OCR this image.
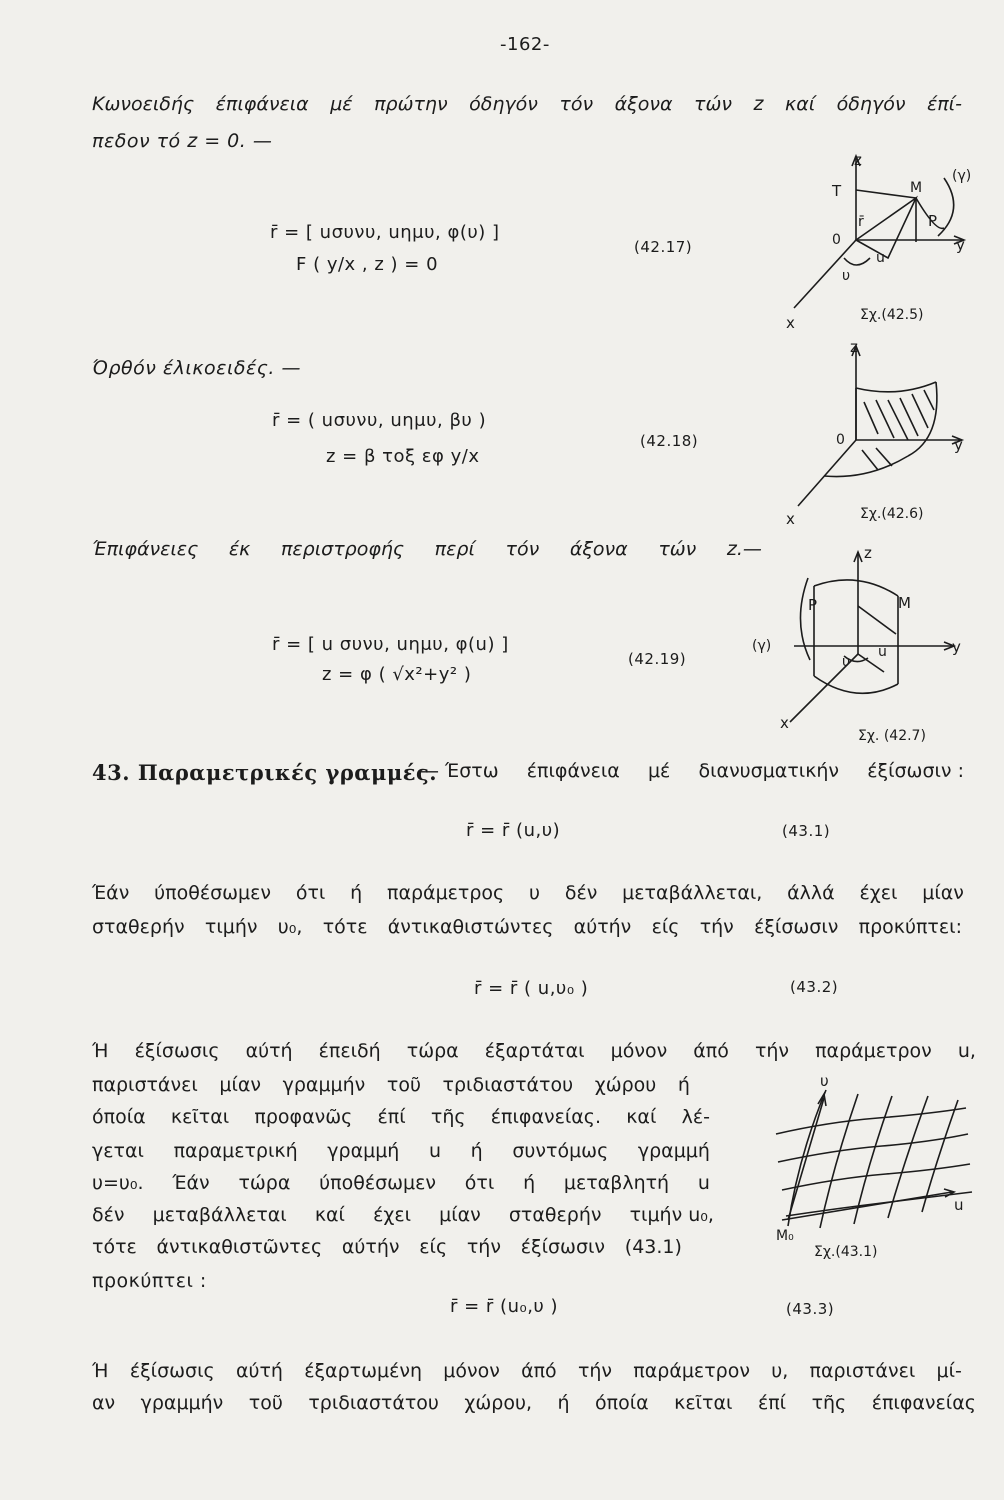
-162-
Κωνοειδής έπιφάνεια μέ πρώτην όδηγόν τόν άξονα τών z καί όδηγόν έπί-
πεδον τό z = 0. —
r̄ = [ uσυνυ, uημυ, φ(υ) ]
F ( y/x , z ) = 0
(42.17)
z
(γ)
T	M
r̄	P
0	y
υ
u
x	Σχ.(42.5)
Όρθόν έλικοειδές. —
r̄ = ( uσυνυ, uημυ, βυ )
z = β τοξ εφ y/x
(42.18)
z
0	y
x	Σχ.(42.6)
Έπιφάνειες έκ περιστροφής περί τόν άξονα τών z.—
r̄ = [ u συνυ, uημυ, φ(u) ]
z = φ ( √x²+y² )
(42.19)
z
P	M
(γ)	y
υ
u
x
Σχ. (42.7)
43. Παραμετρικές γραμμές.
— Έστω έπιφάνεια μέ διανυσματικήν έξίσωσιν :
r̄ = r̄ (u,υ)	(43.1)
Έάν ύποθέσωμεν ότι ή παράμετρος υ δέν μεταβάλλεται, άλλά έχει μίαν
σταθερήν τιμήν υ₀, τότε άντικαθιστώντες αύτήν είς τήν έξίσωσιν προκύπτει:
r̄ = r̄ ( u,υ₀ )	(43.2)
Ή έξίσωσις αύτή έπειδή τώρα έξαρτάται μόνον άπό τήν παράμετρον u,
παριστάνει μίαν γραμμήν τοῦ τριδιαστάτου χώρου ή
όποία κεῖται προφανῶς έπί τῆς έπιφανείας. καί λέ-
γεται παραμετρική γραμμή u ή συντόμως γραμμή
υ=υ₀. Έάν τώρα ύποθέσωμεν ότι ή μεταβλητή u
δέν μεταβάλλεται καί έχει μίαν σταθερήν τιμήν u₀,
τότε άντικαθιστῶντες αύτήν είς τήν έξίσωσιν (43.1)
προκύπτει :
υ
u
M₀
Σχ.(43.1)
r̄ = r̄ (u₀,υ )	(43.3)
Ή έξίσωσις αύτή έξαρτωμένη μόνον άπό τήν παράμετρον υ, παριστάνει μί-
αν γραμμήν τοῦ τριδιαστάτου χώρου, ή όποία κεῖται έπί τῆς έπιφανείας
